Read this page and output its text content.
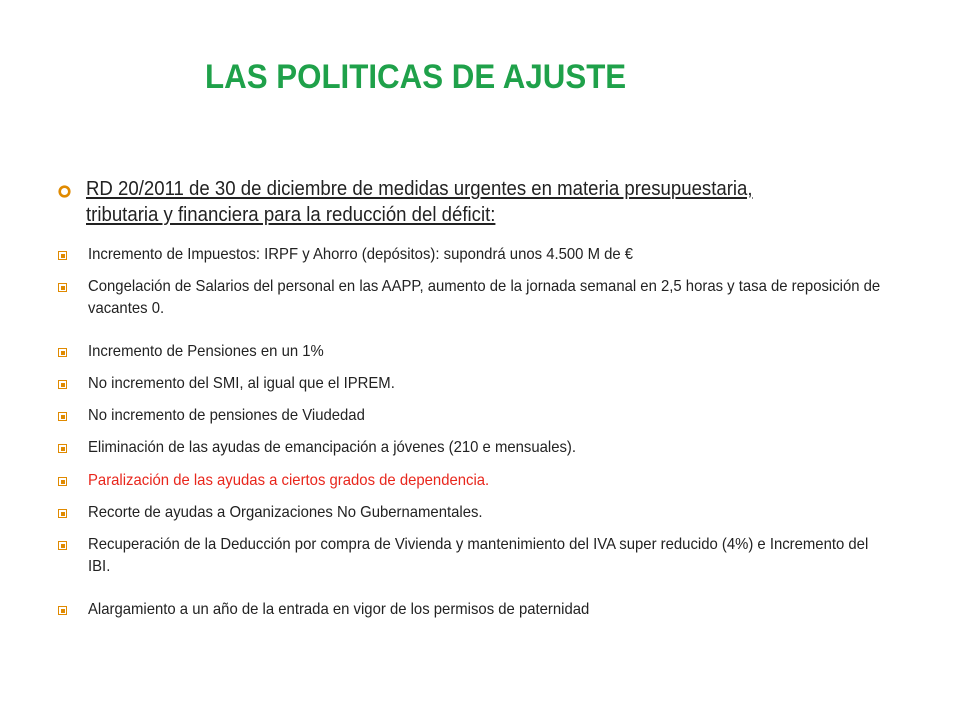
LAS POLITICAS DE AJUSTE
RD 20/2011 de 30 de diciembre de medidas urgentes en materia presupuestaria, tributaria y financiera para la reducción del déficit:
Incremento de Impuestos: IRPF y Ahorro (depósitos): supondrá unos 4.500 M de €
Congelación de Salarios del personal en las AAPP, aumento de la jornada semanal en 2,5 horas y tasa de reposición de vacantes 0.
Incremento de Pensiones en un 1%
No incremento del SMI, al igual que el IPREM.
No incremento de pensiones de Viudedad
Eliminación de las ayudas de emancipación a jóvenes (210 e mensuales).
Paralización de las ayudas a ciertos grados de dependencia.
Recorte de ayudas a Organizaciones No Gubernamentales.
Recuperación de la Deducción por compra de Vivienda y mantenimiento del IVA super reducido (4%) e Incremento del IBI.
Alargamiento a un año de la entrada en vigor de los permisos de paternidad
